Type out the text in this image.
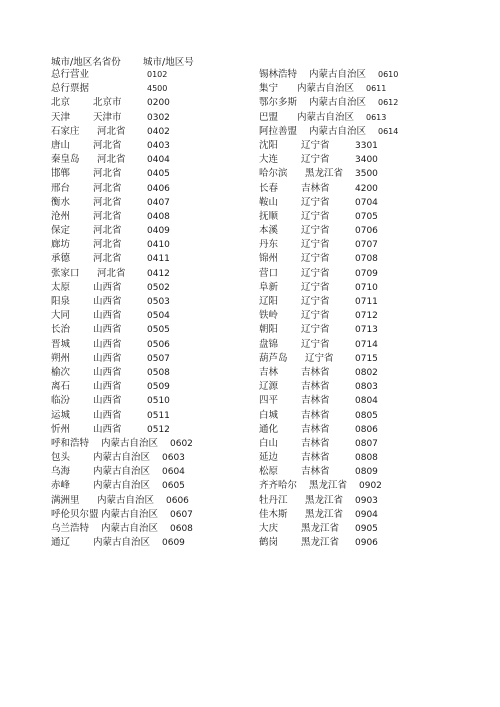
城市/地区名省份 城市/地区号
总行营业	0102
总行票据	4500
北京 北京市	0200
天津 天津市	0302
石家庄 河北省 0402
唐山 河北省	0403
秦皇岛 河北省 0404
邯郸 河北省	0405
邢台 河北省	0406
衡水 河北省	0407
沧州 河北省	0408
保定 河北省	0409
廊坊 河北省	0410
承德 河北省	0411
张家口 河北省 0412
太原 山西省	0502
阳泉 山西省	0503
大同 山西省	0504
长治 山西省	0505
晋城 山西省	0506
朔州 山西省	0507
榆次 山西省	0508
离石 山西省	0509
临汾 山西省	0510
运城 山西省	0511
忻州 山西省	0512
呼和浩特 内蒙古自治区 0602
包头 内蒙古自治区 0603
乌海 内蒙古自治区 0604
赤峰 内蒙古自治区 0605
满洲里 内蒙古自治区 0606
呼伦贝尔盟 内蒙古自治区 0607
乌兰浩特 内蒙古自治区 0608
通辽 内蒙古自治区 0609
锡林浩特 内蒙古自治区 0610
集宁 内蒙古自治区 0611
鄂尔多斯 内蒙古自治区 0612
巴盟 内蒙古自治区 0613
阿拉善盟 内蒙古自治区 0614
沈阳 辽宁省	3301
大连 辽宁省	3400
哈尔滨 黑龙江省 3500
长春 吉林省	4200
鞍山 辽宁省	0704
抚顺 辽宁省	0705
本溪 辽宁省	0706
丹东 辽宁省	0707
锦州 辽宁省	0708
营口 辽宁省	0709
阜新 辽宁省	0710
辽阳 辽宁省	0711
铁岭 辽宁省	0712
朝阳 辽宁省	0713
盘锦 辽宁省	0714
葫芦岛 辽宁省 0715
吉林 吉林省	0802
辽源 吉林省	0803
四平 吉林省	0804
白城 吉林省	0805
通化 吉林省	0806
白山 吉林省	0807
延边 吉林省	0808
松原 吉林省	0809
齐齐哈尔 黑龙江省 0902
牡丹江 黑龙江省 0903
佳木斯 黑龙江省 0904
大庆 黑龙江省 0905
鹤岗 黑龙江省 0906
